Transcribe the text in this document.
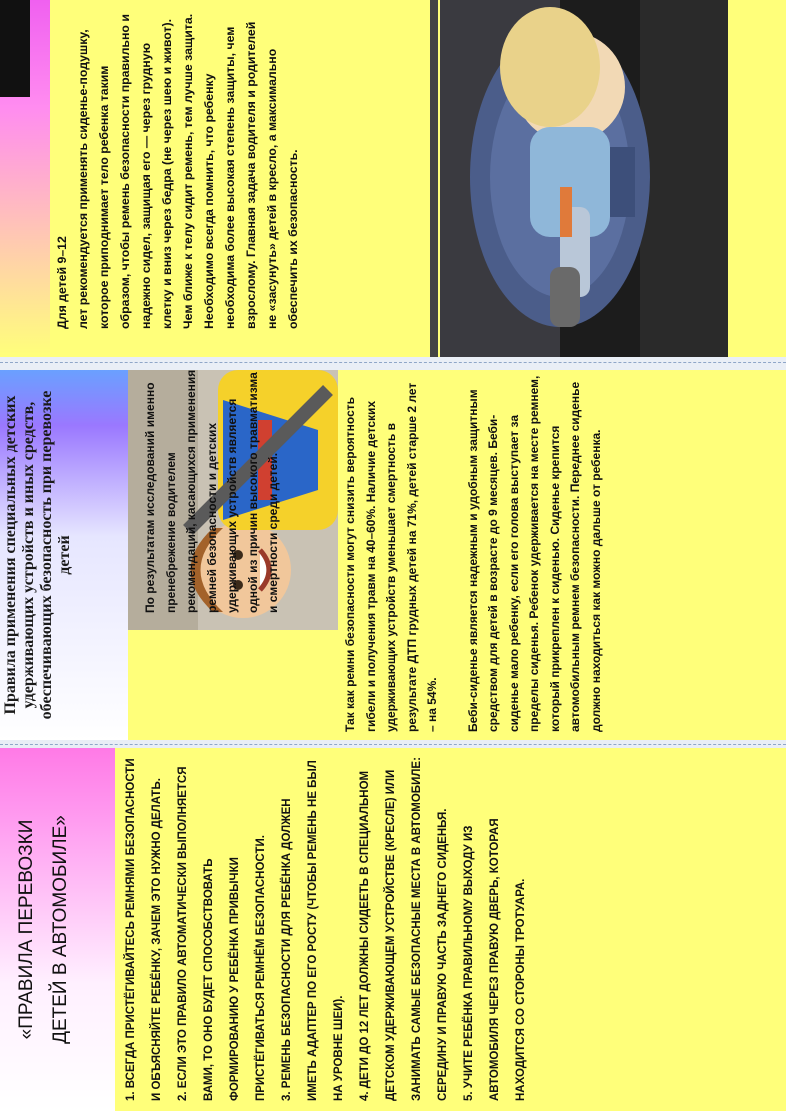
Для детей 9–12 лет рекомендуется применять сиденье-подушку, которое приподнимает тело ребенка таким образом, чтобы ремень безопасности правильно и надежно сидел, защищая его — через грудную клетку и вниз через бедра (не через шею и живот). Чем ближе к телу сидит ремень, тем лучше защита. Необходимо всегда помнить, что ребенку необходима более высокая степень защиты, чем взрослому. Главная задача водителя и родителей не «засунуть» детей в кресло, а максимально обеспечить их безопасность.
Правила применения специальных детских удерживающих устройств и иных средств, обеспечивающих безопасность при перевозке детей	По результатам исследований именно пренебрежение водителем рекомендаций, касающихся применения ремней безопасности и детских удерживающих устройств является одной из причин высокого травматизма и смертности среди детей.	Так как ремни безопасности могут снизить вероятность гибели и получения травм на 40–60%. Наличие детских удерживающих устройств уменьшает смертность в результате ДТП грудных детей на 71%, детей старше 2 лет – на 54%. Беби-сиденье является надежным и удобным защитным средством для детей в возрасте до 9 месяцев. Беби-сиденье мало ребенку, если его голова выступает за пределы сиденья. Ребенок удерживается на месте ремнем, который прикреплен к сиденью. Сиденье крепится автомобильным ремнем безопасности. Переднее сиденье должно находиться как можно дальше от ребенка.

«ПРАВИЛА ПЕРЕВОЗКИ ДЕТЕЙ В АВТОМОБИЛЕ»	1. ВСЕГДА ПРИСТЁГИВАЙТЕСЬ РЕМНЯМИ БЕЗОПАСНОСТИ И ОБЪЯСНЯЙТЕ РЕБЁНКУ, ЗАЧЕМ ЭТО НУЖНО ДЕЛАТЬ.	2. ЕСЛИ ЭТО ПРАВИЛО АВТОМАТИЧЕСКИ ВЫПОЛНЯЕТСЯ ВАМИ, ТО ОНО БУДЕТ СПОСОБСТВОВАТЬ ФОРМИРОВАНИЮ У РЕБЁНКА ПРИВЫЧКИ ПРИСТЁГИВАТЬСЯ РЕМНЁМ БЕЗОПАСНОСТИ.	3. РЕМЕНЬ БЕЗОПАСНОСТИ ДЛЯ РЕБЁНКА ДОЛЖЕН ИМЕТЬ АДАПТЕР ПО ЕГО РОСТУ (ЧТОБЫ РЕМЕНЬ НЕ БЫЛ НА УРОВНЕ ШЕИ).	4. ДЕТИ ДО 12 ЛЕТ ДОЛЖНЫ СИДЕЕТЬ В СПЕЦИАЛЬНОМ ДЕТСКОМ УДЕРЖИВАЮЩЕМ УСТРОЙСТВЕ (КРЕСЛЕ) ИЛИ ЗАНИМАТЬ САМЫЕ БЕЗОПАСНЫЕ МЕСТА В АВТОМОБИЛЕ: СЕРЕДИНУ И ПРАВУЮ ЧАСТЬ ЗАДНЕГО СИДЕНЬЯ.	5. УЧИТЕ РЕБЁНКА ПРАВИЛЬНОМУ ВЫХОДУ ИЗ АВТОМОБИЛЯ ЧЕРЕЗ ПРАВУЮ ДВЕРЬ, КОТОРАЯ НАХОДИТСЯ СО СТОРОНЫ ТРОТУАРА.
